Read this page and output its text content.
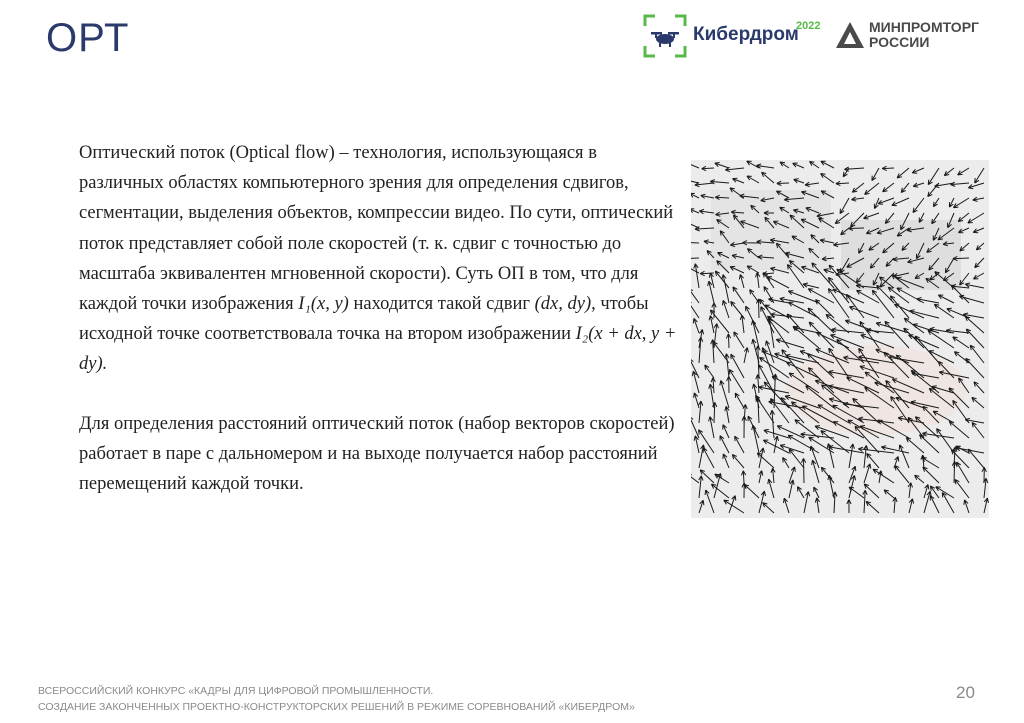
ОРТ	Кибердром
2022	МИНПРОМТОРГ
РОССИИ

Оптический поток (Optical flow) – технология, использующаяся в различных областях компьютерного зрения для определения сдвигов, сегментации, выделения объектов, компрессии видео. По сути, оптический поток представляет собой поле скоростей (т. к. сдвиг с точностью до масштаба эквивалентен мгновенной скорости). Суть ОП в том, что для каждой точки изображения I₁(x, y) находится такой сдвиг (dx, dy), чтобы исходной точке соответствовала точка на втором изображении I₂(x + dx, y + dy).

Для определения расстояний оптический поток (набор векторов скоростей) работает в паре с дальномером и на выходе получается набор расстояний перемещений каждой точки.

ВСЕРОССИЙСКИЙ КОНКУРС «КАДРЫ ДЛЯ ЦИФРОВОЙ ПРОМЫШЛЕННОСТИ.
СОЗДАНИЕ ЗАКОНЧЕННЫХ ПРОЕКТНО-КОНСТРУКТОРСКИХ РЕШЕНИЙ В РЕЖИМЕ СОРЕВНОВАНИЙ «КИБЕРДРОМ»
20
